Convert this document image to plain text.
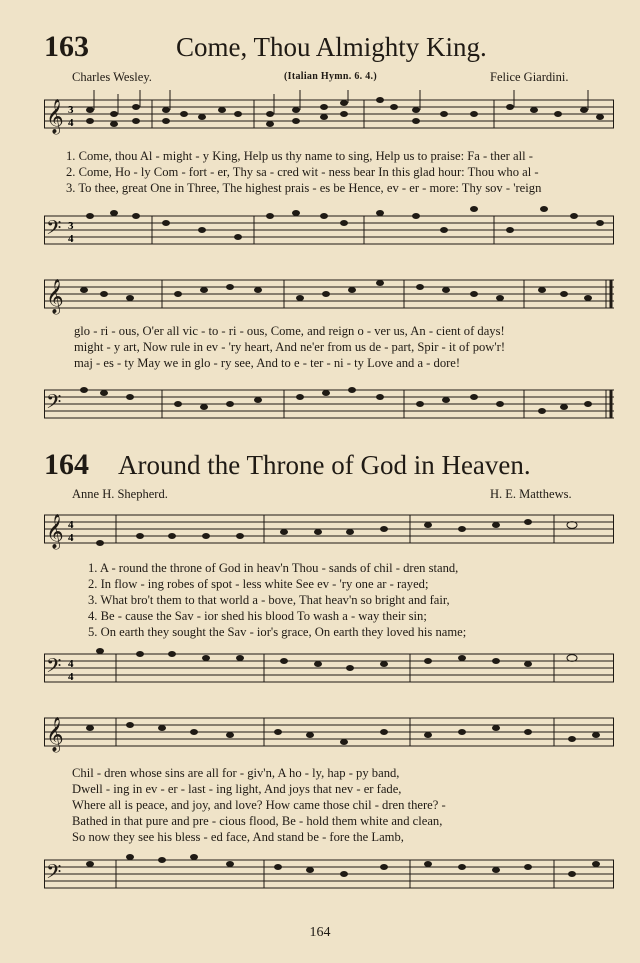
163	Come, Thou Almighty King.
Charles Wesley.	(Italian Hymn. 6. 4.)	Felice Giardini.
𝄞 3
4
1. Come, thou Al - might - y King, Help us thy name to sing, Help us to praise: Fa - ther all -
2. Come, Ho - ly Com - fort - er, Thy sa - cred wit - ness bear In this glad hour: Thou who al -
3. To thee, great One in Three, The highest prais - es be Hence, ev - er - more: Thy sov - 'reign
𝄢 3
4
𝄞
glo - ri - ous, O'er all vic - to - ri - ous, Come, and reign o - ver us, An - cient of days!
might - y art, Now rule in ev - 'ry heart, And ne'er from us de - part, Spir - it of pow'r!
maj - es - ty May we in glo - ry see, And to e - ter - ni - ty Love and a - dore!
𝄢
164 Around the Throne of God in Heaven.
Anne H. Shepherd.	H. E. Matthews.
𝄞 4
4
1. A - round the throne of God in heav'n Thou - sands of chil - dren stand,
2. In flow - ing robes of spot - less white See ev - 'ry one ar - rayed;
3. What bro't them to that world a - bove, That heav'n so bright and fair,
4. Be - cause the Sav - ior shed his blood To wash a - way their sin;
5. On earth they sought the Sav - ior's grace, On earth they loved his name;
𝄢 4
4
𝄞
Chil - dren whose sins are all for - giv'n, A ho - ly, hap - py band,
Dwell - ing in ev - er - last - ing light, And joys that nev - er fade,
Where all is peace, and joy, and love? How came those chil - dren there? -
Bathed in that pure and pre - cious flood, Be - hold them white and clean,
So now they see his bless - ed face, And stand be - fore the Lamb,
𝄢
164
